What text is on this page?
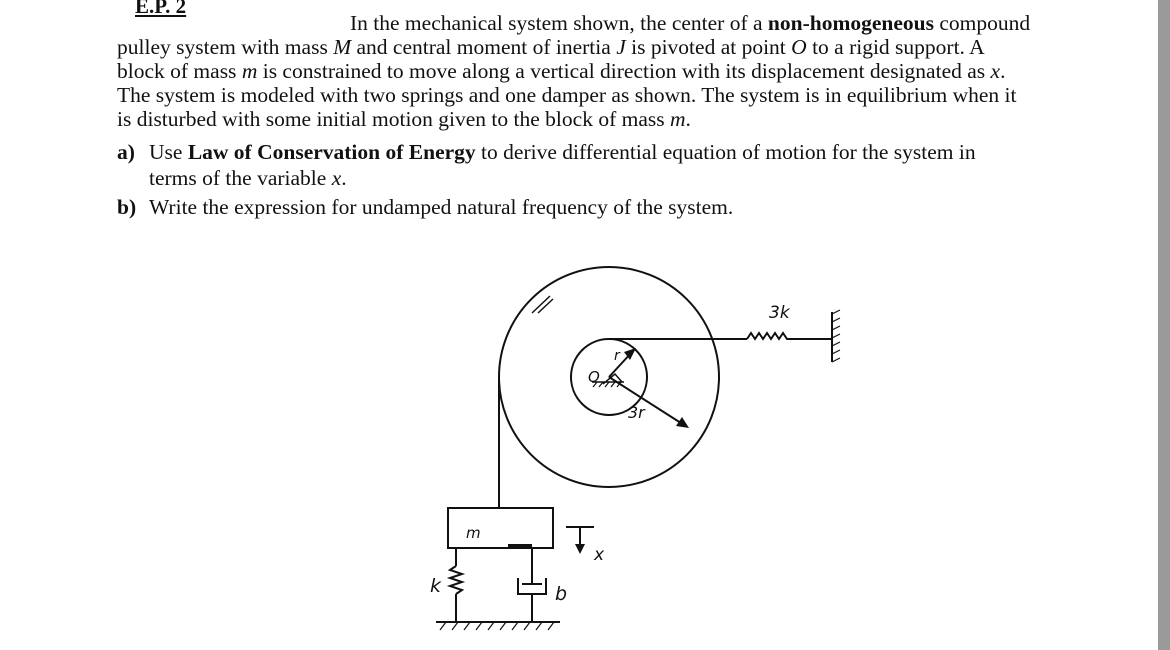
E.P. 2
In the mechanical system shown, the center of a non-homogeneous compound
pulley system with mass M and central moment of inertia J is pivoted at point O to a rigid support. A
block of mass m is constrained to move along a vertical direction with its displacement designated as x.
The system is modeled with two springs and one damper as shown. The system is in equilibrium when it
is disturbed with some initial motion given to the block of mass m.
a) Use Law of Conservation of Energy to derive differential equation of motion for the system in
terms of the variable x.
b) Write the expression for undamped natural frequency of the system.
O
r
3r
3k
k	b
m
x
